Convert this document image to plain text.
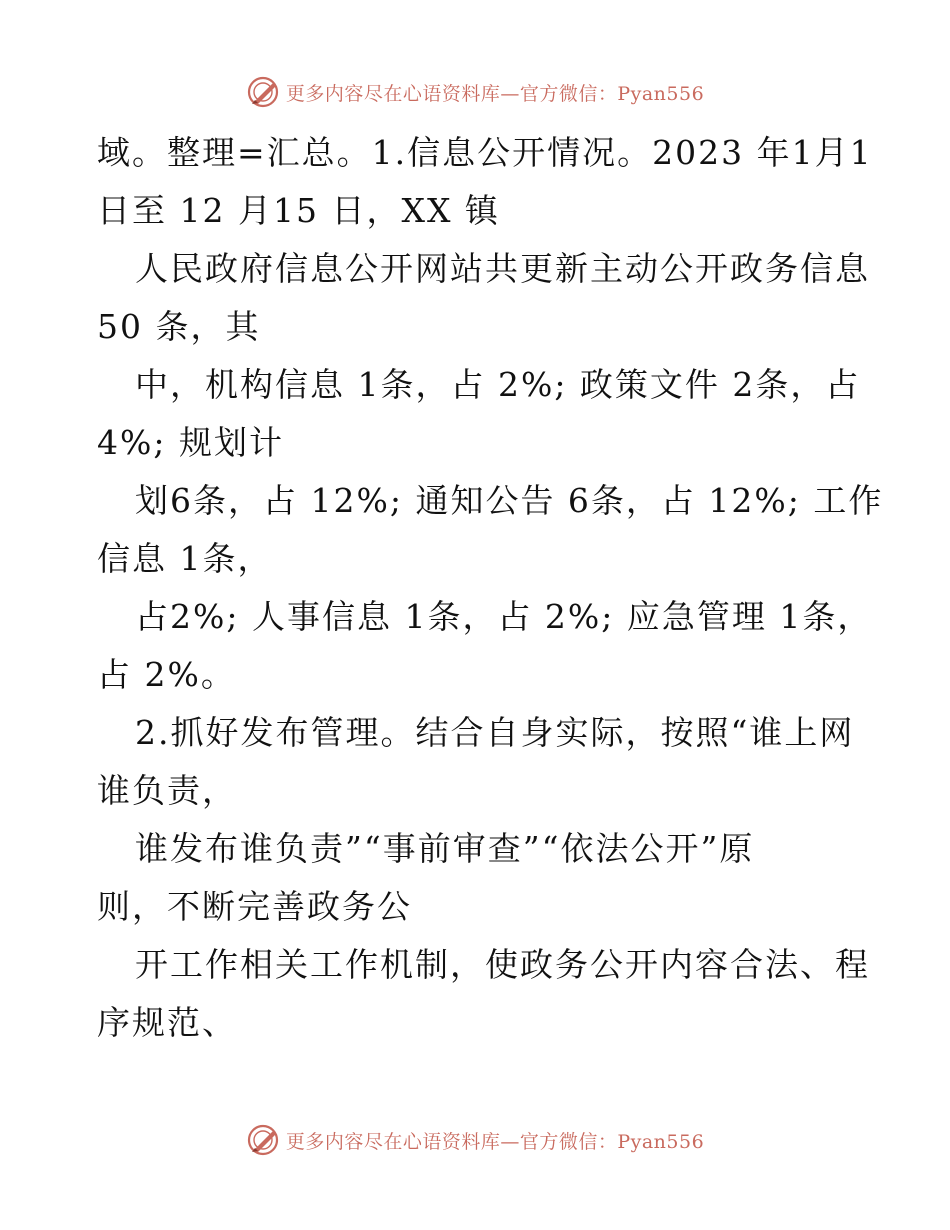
更多内容尽在心语资料库—官方微信：Pyan556
域。整理=汇总。1.信息公开情况。2023 年1月1
日至 12 月15 日，XX 镇
人民政府信息公开网站共更新主动公开政务信息
50 条，其
中，机构信息 1条，占 2%; 政策文件 2条，占
4%; 规划计
划6条，占 12%; 通知公告 6条，占 12%; 工作
信息 1条，
占2%; 人事信息 1条，占 2%; 应急管理 1条，
占 2%。
2.抓好发布管理。结合自身实际，按照“谁上网
谁负责，
谁发布谁负责”“事前审查”“依法公开”原
则，不断完善政务公
开工作相关工作机制，使政务公开内容合法、程
序规范、
更多内容尽在心语资料库—官方微信：Pyan556
